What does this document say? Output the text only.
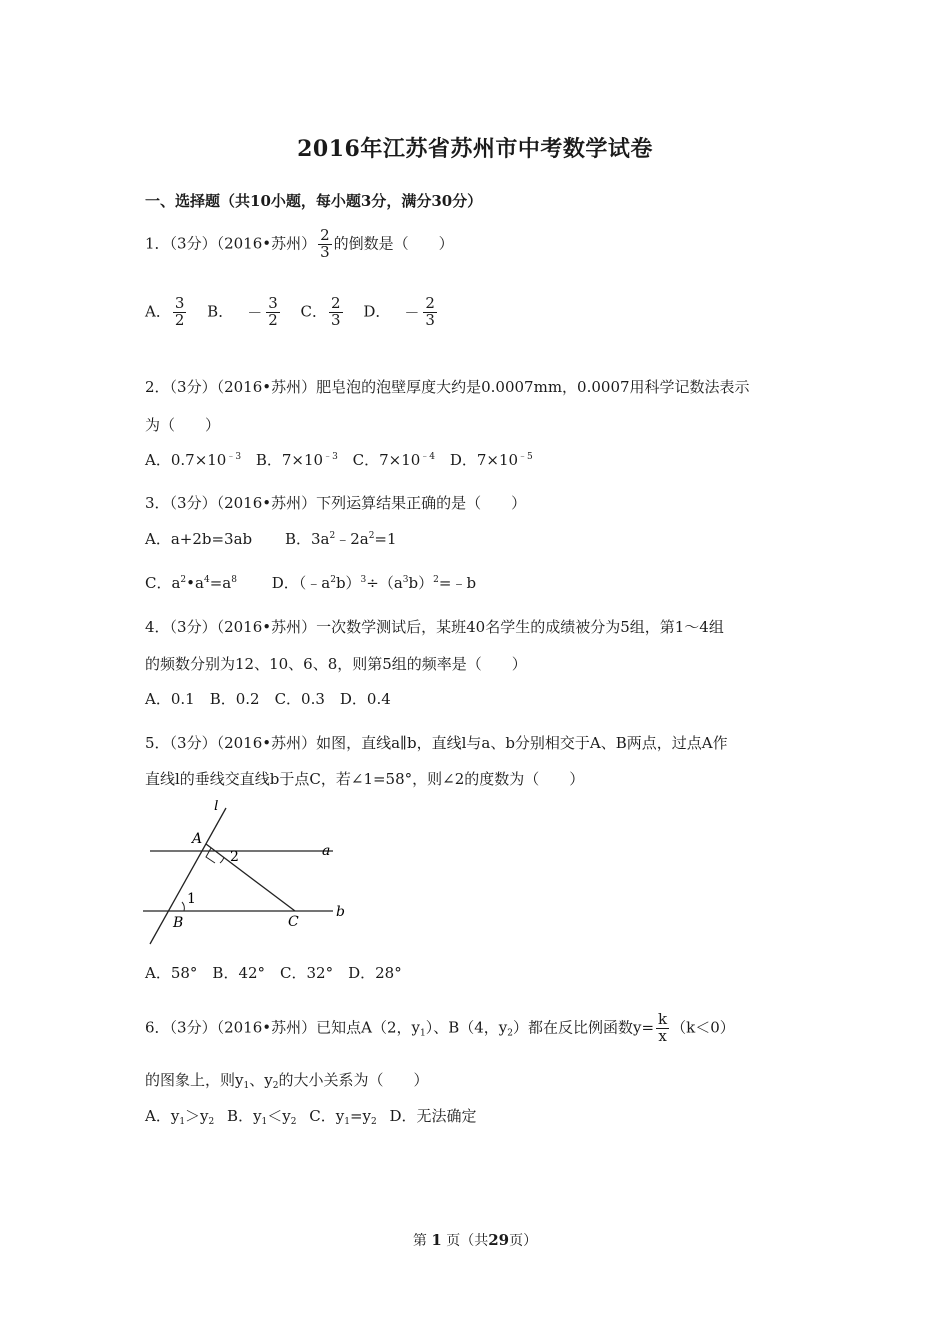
2016年江苏省苏州市中考数学试卷
一、选择题（共10小题，每小题3分，满分30分）
1．（3分）（2016•苏州） $\frac{2}{3}$ 的倒数是（　　）
A． $\frac{3}{2}$ B． － $\frac{3}{2}$ C． $\frac{2}{3}$ D． － $\frac{2}{3}$
2．（3分）（2016•苏州）肥皂泡的泡壁厚度大约是0.0007mm，0.0007用科学记数法表示
为（　　）
A．$0.7\times 10^{﹣3}$ B．$7\times 10^{﹣3}$ C．$7\times 10^{﹣4}$ D．$7\times 10^{﹣5}$
3．（3分）（2016•苏州）下列运算结果正确的是（　　）
A．a+2b=3ab B．$3a^2﹣2a^2=1$
C．$a^2•a^4=a^8$ D．$(﹣a^2b)^3\div(a^3b)^2=﹣b$
4．（3分）（2016•苏州）一次数学测试后，某班40名学生的成绩被分为5组，第1～4组
的频数分别为12、10、6、8，则第5组的频率是（　　）
A．0.1　B．0.2　C．0.3　D．0.4
5．（3分）（2016•苏州）如图，直线a∥b，直线l与a、b分别相交于A、B两点，过点A作
直线l的垂线交直线b于点C，若∠1=58°，则∠2的度数为（　　）
l
A
a
2
1
B	C
b
A．58°　B．42°　C．32°　D．28°
6．（3分）（2016•苏州）已知点A（2，$y_1$）、B（4，$y_2$）都在反比例函数$y= \frac{k}{x} (k<0)$
的图象上，则$y_1$、$y_2$的大小关系为（　　）
A．$y_1>y_2$ B．$y_1<y_2$ C．$y_1=y_2$ D．无法确定
第 1 页（共29页）
